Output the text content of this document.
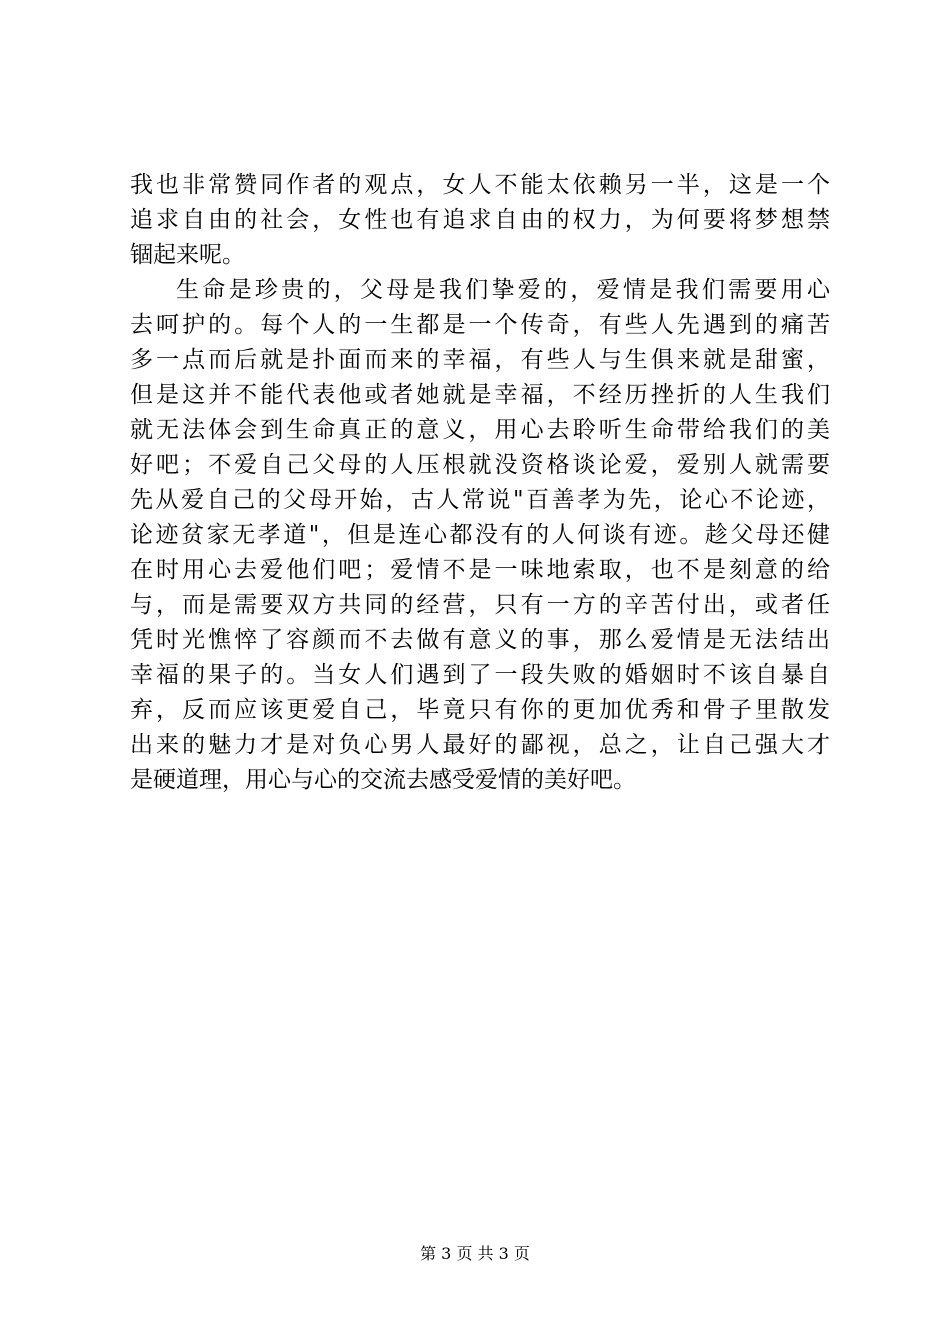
我也非常赞同作者的观点，女人不能太依赖另一半，这是一个
追求自由的社会，女性也有追求自由的权力，为何要将梦想禁
锢起来呢。
生命是珍贵的，父母是我们挚爱的，爱情是我们需要用心
去呵护的。每个人的一生都是一个传奇，有些人先遇到的痛苦
多一点而后就是扑面而来的幸福，有些人与生俱来就是甜蜜，
但是这并不能代表他或者她就是幸福，不经历挫折的人生我们
就无法体会到生命真正的意义，用心去聆听生命带给我们的美
好吧；不爱自己父母的人压根就没资格谈论爱，爱别人就需要
先从爱自己的父母开始，古人常说"百善孝为先，论心不论迹，
论迹贫家无孝道"，但是连心都没有的人何谈有迹。趁父母还健
在时用心去爱他们吧；爱情不是一味地索取，也不是刻意的给
与，而是需要双方共同的经营，只有一方的辛苦付出，或者任
凭时光憔悴了容颜而不去做有意义的事，那么爱情是无法结出
幸福的果子的。当女人们遇到了一段失败的婚姻时不该自暴自
弃，反而应该更爱自己，毕竟只有你的更加优秀和骨子里散发
出来的魅力才是对负心男人最好的鄙视，总之，让自己强大才
是硬道理，用心与心的交流去感受爱情的美好吧。
第 3 页 共 3 页
